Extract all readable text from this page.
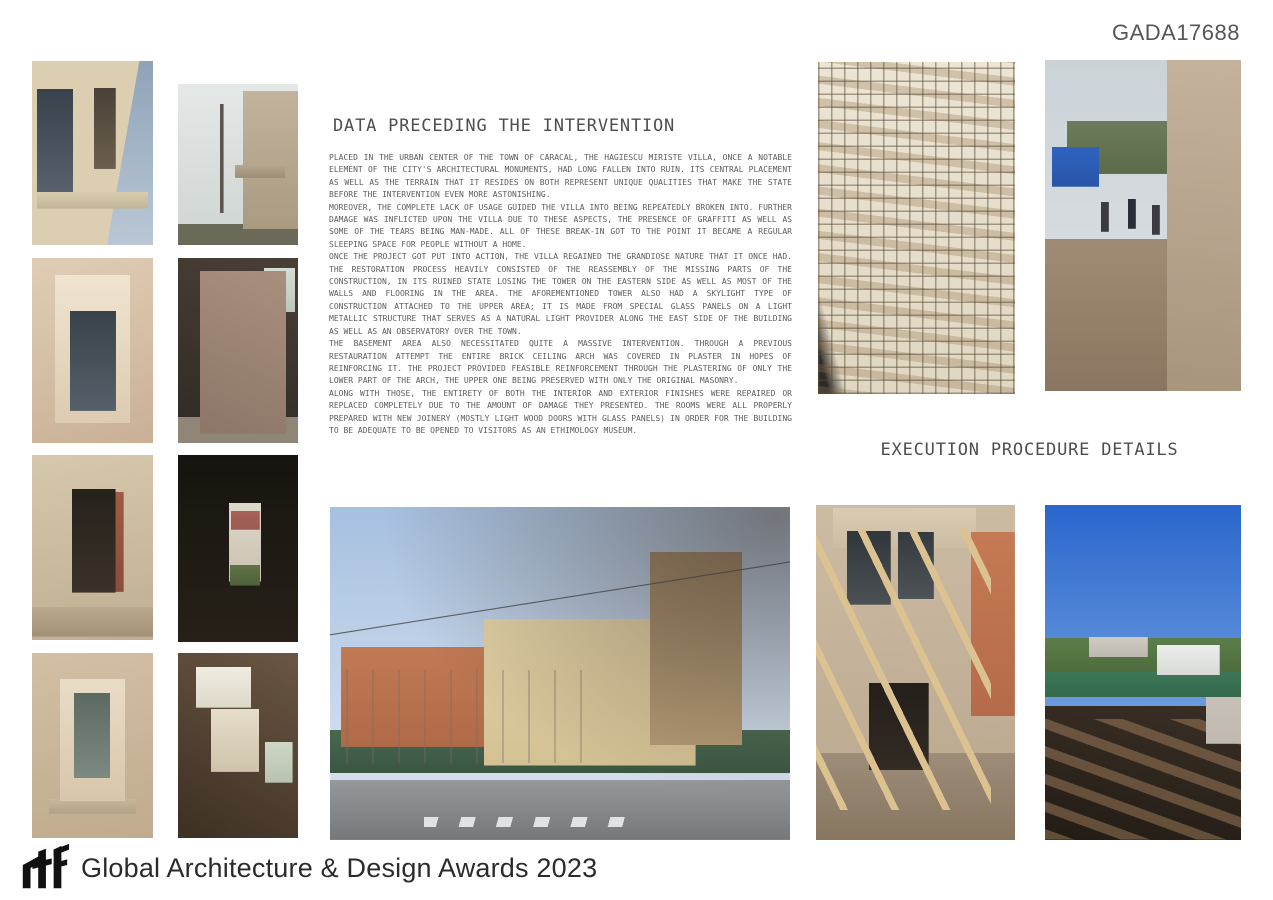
GADA17688
DATA PRECEDING THE INTERVENTION

PLACED IN THE URBAN CENTER OF THE TOWN OF CARACAL, THE HAGIESCU MIRISTE VILLA, ONCE A NOTABLE ELEMENT OF THE CITY'S ARCHITECTURAL MONUMENTS, HAD LONG FALLEN INTO RUIN. ITS CENTRAL PLACEMENT AS WELL AS THE TERRAIN THAT IT RESIDES ON BOTH REPRESENT UNIQUE QUALITIES THAT MAKE THE STATE BEFORE THE INTERVENTION EVEN MORE ASTONISHING.

MOREOVER, THE COMPLETE LACK OF USAGE GUIDED THE VILLA INTO BEING REPEATEDLY BROKEN INTO. FURTHER DAMAGE WAS INFLICTED UPON THE VILLA DUE TO THESE ASPECTS, THE PRESENCE OF GRAFFITI AS WELL AS SOME OF THE TEARS BEING MAN-MADE. ALL OF THESE BREAK-IN GOT TO THE POINT IT BECAME A REGULAR SLEEPING SPACE FOR PEOPLE WITHOUT A HOME.

ONCE THE PROJECT GOT PUT INTO ACTION, THE VILLA REGAINED THE GRANDIOSE NATURE THAT IT ONCE HAD. THE RESTORATION PROCESS HEAVILY CONSISTED OF THE REASSEMBLY OF THE MISSING PARTS OF THE CONSTRUCTION, IN ITS RUINED STATE LOSING THE TOWER ON THE EASTERN SIDE AS WELL AS MOST OF THE WALLS AND FLOORING IN THE AREA. THE AFOREMENTIONED TOWER ALSO HAD A SKYLIGHT TYPE OF CONSTRUCTION ATTACHED TO THE UPPER AREA; IT IS MADE FROM SPECIAL GLASS PANELS ON A LIGHT METALLIC STRUCTURE THAT SERVES AS A NATURAL LIGHT PROVIDER ALONG THE EAST SIDE OF THE BUILDING AS WELL AS AN OBSERVATORY OVER THE TOWN.

THE BASEMENT AREA ALSO NECESSITATED QUITE A MASSIVE INTERVENTION. THROUGH A PREVIOUS RESTAURATION ATTEMPT THE ENTIRE BRICK CEILING ARCH WAS COVERED IN PLASTER IN HOPES OF REINFORCING IT. THE PROJECT PROVIDED FEASIBLE REINFORCEMENT THROUGH THE PLASTERING OF ONLY THE LOWER PART OF THE ARCH, THE UPPER ONE BEING PRESERVED WITH ONLY THE ORIGINAL MASONRY.

ALONG WITH THOSE, THE ENTIRETY OF BOTH THE INTERIOR AND EXTERIOR FINISHES WERE REPAIRED OR REPLACED COMPLETELY DUE TO THE AMOUNT OF DAMAGE THEY PRESENTED. THE ROOMS WERE ALL PROPERLY PREPARED WITH NEW JOINERY (MOSTLY LIGHT WOOD DOORS WITH GLASS PANELS) IN ORDER FOR THE BUILDING TO BE ADEQUATE TO BE OPENED TO VISITORS AS AN ETHIMOLOGY MUSEUM.

EXECUTION PROCEDURE DETAILS
Global Architecture & Design Awards 2023
